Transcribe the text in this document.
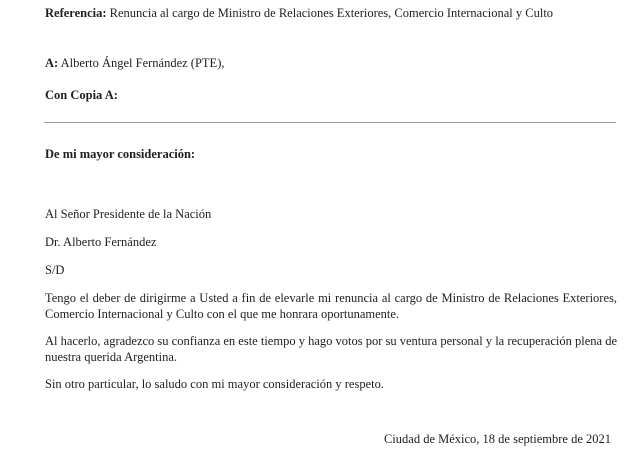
Referencia: Renuncia al cargo de Ministro de Relaciones Exteriores, Comercio Internacional y Culto
A: Alberto Ángel Fernández (PTE),
Con Copia A:
De mi mayor consideración:
Al Señor Presidente de la Nación
Dr. Alberto Fernández
S/D
Tengo el deber de dirigirme a Usted a fin de elevarle mi renuncia al cargo de Ministro de Relaciones Exteriores, Comercio Internacional y Culto con el que me honrara oportunamente.
Al hacerlo, agradezco su confianza en este tiempo y hago votos por su ventura personal y la recuperación plena de nuestra querida Argentina.
Sin otro particular, lo saludo con mi mayor consideración y respeto.
Ciudad de México, 18 de septiembre de 2021
